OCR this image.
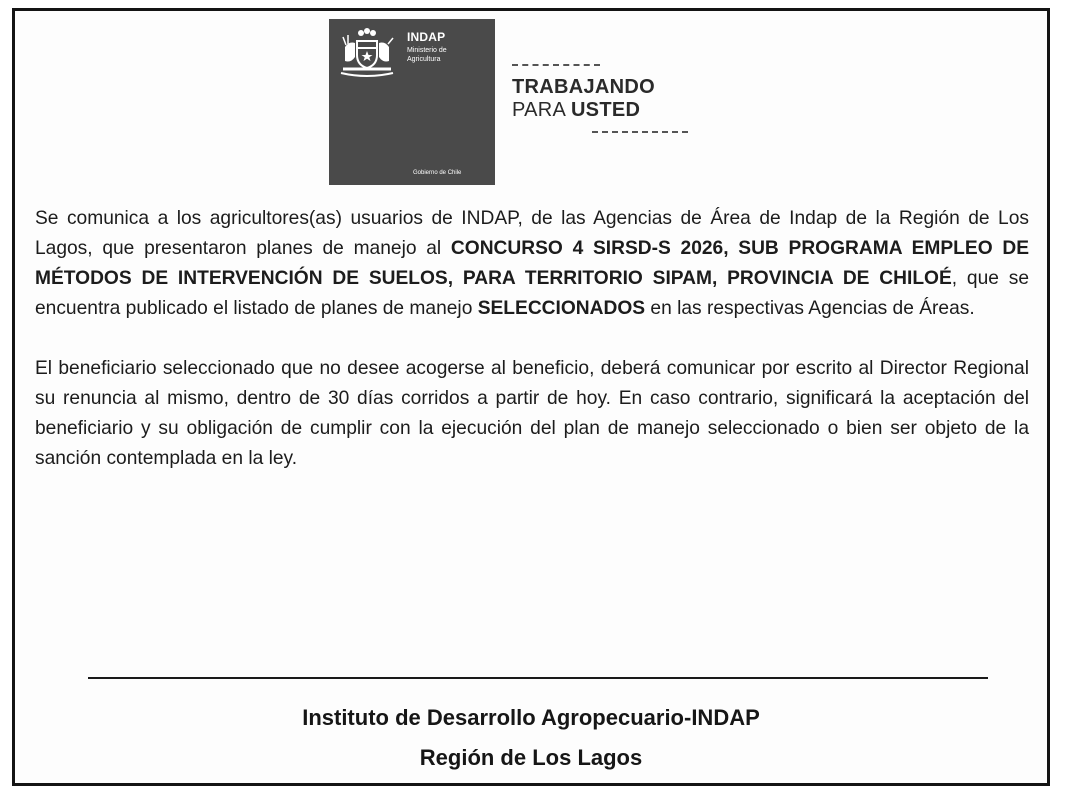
INDAP
Ministerio de
Agricultura
Gobierno de Chile
TRABAJANDO
PARA USTED

Se comunica a los agricultores(as) usuarios de INDAP, de las Agencias de Área de Indap de la Región de Los Lagos, que presentaron planes de manejo al CONCURSO 4 SIRSD-S 2026, SUB PROGRAMA EMPLEO DE MÉTODOS DE INTERVENCIÓN DE SUELOS, PARA TERRITORIO SIPAM, PROVINCIA DE CHILOÉ, que se encuentra publicado el listado de planes de manejo SELECCIONADOS en las respectivas Agencias de Áreas.

El beneficiario seleccionado que no desee acogerse al beneficio, deberá comunicar por escrito al Director Regional su renuncia al mismo, dentro de 30 días corridos a partir de hoy. En caso contrario, significará la aceptación del beneficiario y su obligación de cumplir con la ejecución del plan de manejo seleccionado o bien ser objeto de la sanción contemplada en la ley.

Instituto de Desarrollo Agropecuario-INDAP
Región de Los Lagos
